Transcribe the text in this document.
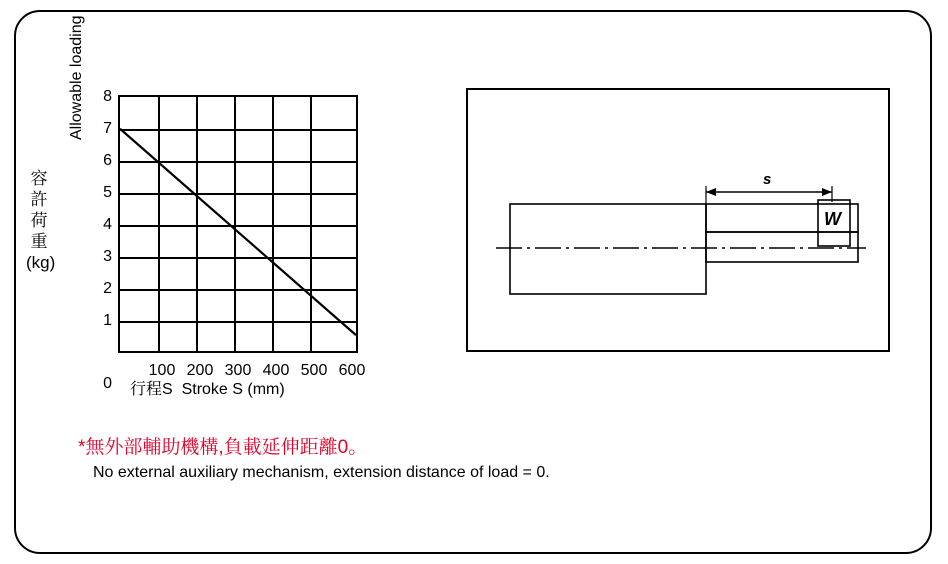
8
7
6
5
4
3
2
1
0
100 200 300 400 500 600
容許荷重 (kg)
Allowable loading
行程S Stroke S (mm)
s
W
*無外部輔助機構,負載延伸距離0。
No external auxiliary mechanism, extension distance of load = 0.
